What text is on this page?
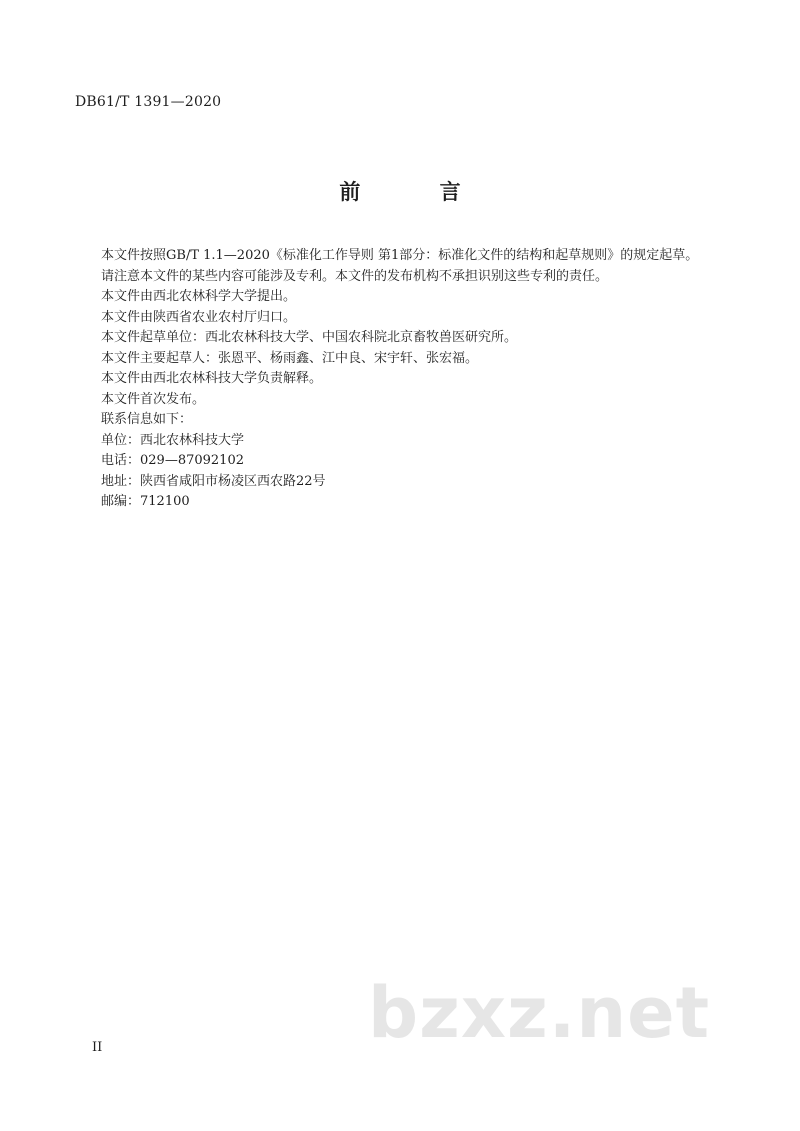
DB61/T 1391—2020
前 言

本文件按照GB/T 1.1—2020《标准化工作导则 第1部分：标准化文件的结构和起草规则》的规定起草。

请注意本文件的某些内容可能涉及专利。本文件的发布机构不承担识别这些专利的责任。

本文件由西北农林科学大学提出。

本文件由陕西省农业农村厅归口。

本文件起草单位：西北农林科技大学、中国农科院北京畜牧兽医研究所。

本文件主要起草人：张恩平、杨雨鑫、江中良、宋宇轩、张宏福。

本文件由西北农林科技大学负责解释。

本文件首次发布。

联系信息如下：

单位：西北农林科技大学

电话：029—87092102

地址：陕西省咸阳市杨凌区西农路22号

邮编：712100

II	bzxz.net
